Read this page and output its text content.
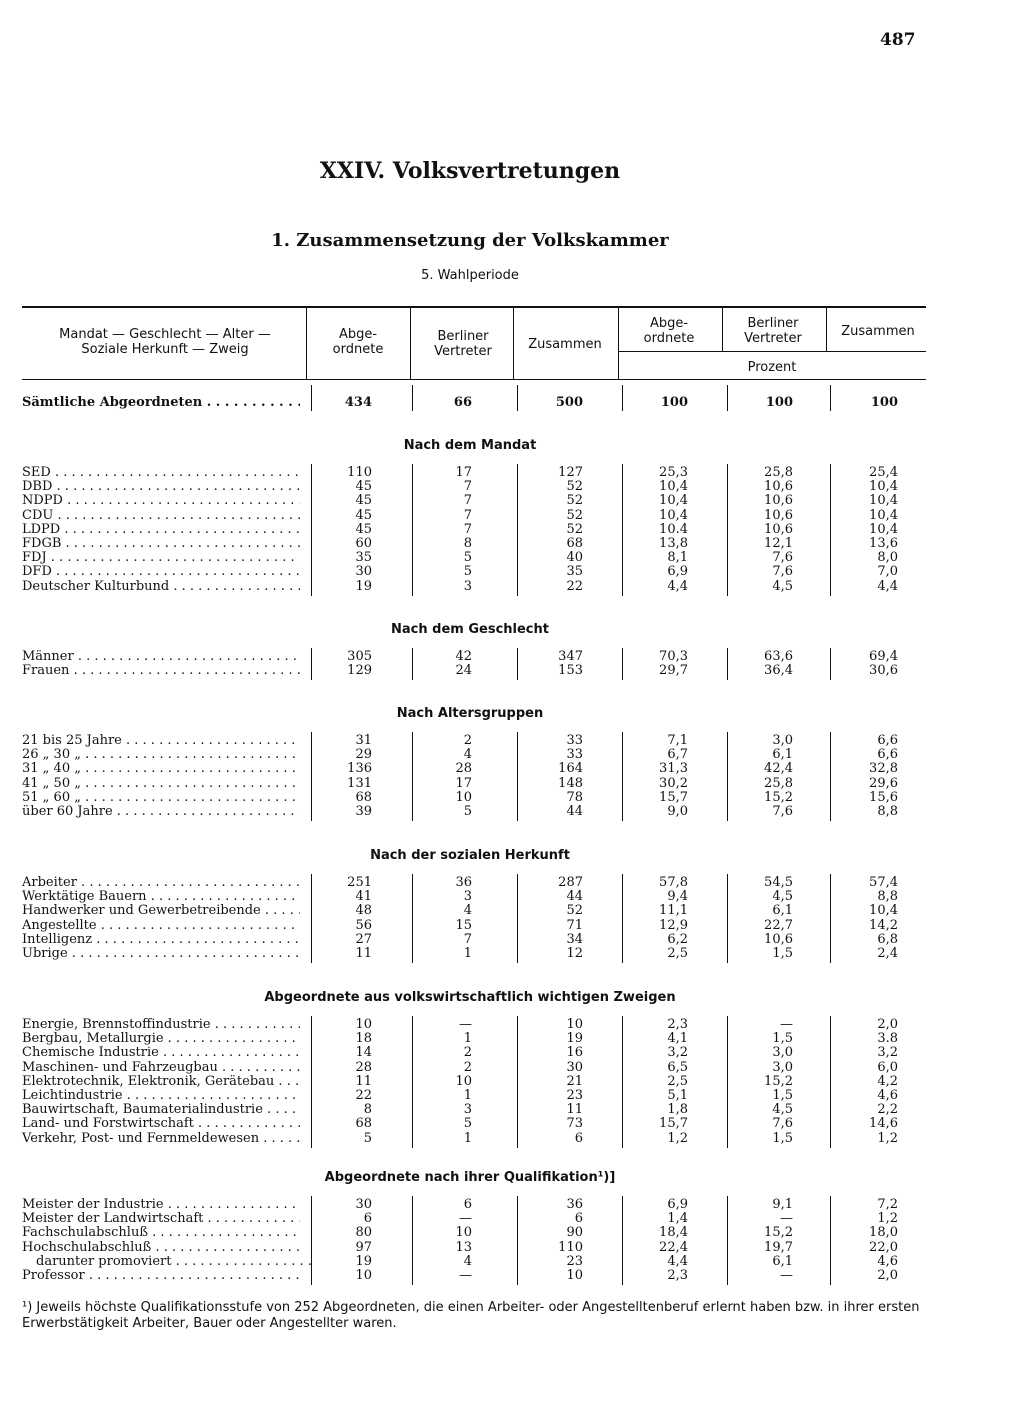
487
XXIV. Volksvertretungen
1. Zusammensetzung der Volkskammer
5. Wahlperiode
Mandat — Geschlecht — Alter — Soziale Herkunft — Zweig
Abge- ordnete
Berliner Vertreter	Zusammen
Abge- ordnete
Berliner Vertreter	Zusammen
Prozent
Sämtliche Abgeordneten . . .	434	66	500	100	100	100
Nach dem Mandat
SED . . .	110	17	127	25,3	25,8	25,4
DBD . . .	45	7	52	10,4	10,6	10,4
NDPD . . .	45	7	52	10,4	10,6	10,4
CDU . . .	45	7	52	10,4	10,6	10,4
LDPD . . .	45	7	52	10.4	10,6	10,4
FDGB . . .	60	8	68	13,8	12,1	13,6
FDJ . . .	35	5	40	8,1	7,6	8,0
DFD . . .	30	5	35	6,9	7,6	7,0
Deutscher Kulturbund . . .	19	3	22	4,4	4,5	4,4
Nach dem Geschlecht
Männer . . .	305	42	347	70,3	63,6	69,4
Frauen . . .	129	24	153	29,7	36,4	30,6
Nach Altersgruppen
21 bis 25 Jahre . . .	31	2	33	7,1	3,0	6,6
26 „ 30 „ . . .	29	4	33	6,7	6,1	6,6
31 „ 40 „ . . .	136	28	164	31,3	42,4	32,8
41 „ 50 „ . . .	131	17	148	30,2	25,8	29,6
51 „ 60 „ . . .	68	10	78	15,7	15,2	15,6
über 60 Jahre . . .	39	5	44	9,0	7,6	8,8
Nach der sozialen Herkunft
Arbeiter . . .	251	36	287	57,8	54,5	57,4
Werktätige Bauern . . .	41	3	44	9,4	4,5	8,8
Handwerker und Gewerbetreibende . . .	48	4	52	11,1	6,1	10,4
Angestellte . . .	56	15	71	12,9	22,7	14,2
Intelligenz . . .	27	7	34	6,2	10,6	6,8
Übrige . . .	11	1	12	2,5	1,5	2,4
Abgeordnete aus volkswirtschaftlich wichtigen Zweigen
Energie, Brennstoffindustrie . . .	10	—	10	2,3	—	2,0
Bergbau, Metallurgie . . .	18	1	19	4,1	1,5	3.8
Chemische Industrie . . .	14	2	16	3,2	3,0	3,2
Maschinen- und Fahrzeugbau . . .	28	2	30	6,5	3,0	6,0
Elektrotechnik, Elektronik, Gerätebau . . .	11	10	21	2,5	15,2	4,2
Leichtindustrie . . .	22	1	23	5,1	1,5	4,6
Bauwirtschaft, Baumaterialindustrie . . .	8	3	11	1,8	4,5	2,2
Land- und Forstwirtschaft . . .	68	5	73	15,7	7,6	14,6
Verkehr, Post- und Fernmeldewesen . . .	5	1	6	1,2	1,5	1,2
Abgeordnete nach ihrer Qualifikation¹)]
Meister der Industrie . . .	30	6	36	6,9	9,1	7,2
Meister der Landwirtschaft . . .	6	—	6	1,4	—	1,2
Fachschulabschluß . . .	80	10	90	18,4	15,2	18,0
Hochschulabschluß . . .	97	13	110	22,4	19,7	22,0
darunter promoviert . . .	19	4	23	4,4	6,1	4,6
Professor . . .	10	—	10	2,3	—	2,0
¹) Jeweils höchste Qualifikationsstufe von 252 Abgeordneten, die einen Arbeiter- oder Angestelltenberuf erlernt haben bzw. in ihrer ersten Erwerbstätigkeit Arbeiter, Bauer oder Angestellter waren.
